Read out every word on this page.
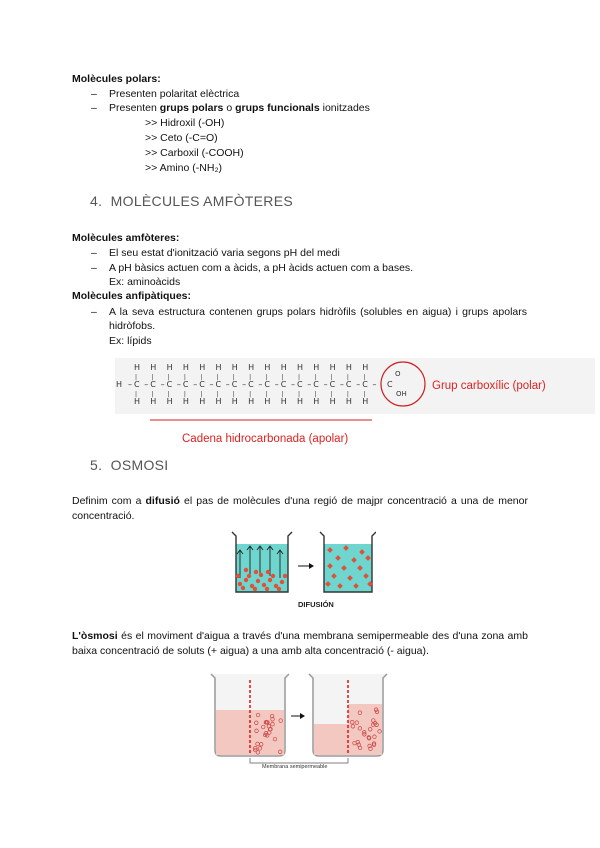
Molècules polars:
– Presenten polaritat elèctrica
– Presenten grups polars o grups funcionals ionitzades
>> Hidroxil (-OH)
>> Ceto (-C=O)
>> Carboxil (-COOH)
>> Amino (-NH₂)
4. MOLÈCULES AMFÒTERES
Molècules amfòteres:
– El seu estat d'ionització varia segons pH del medi
– A pH bàsics actuen com a àcids, a pH àcids actuen com a bases.
Ex: aminoàcids
Molècules anfipàtiques:
– A la seva estructura contenen grups polars hidròfils (solubles en aigua) i grups apolars hidròfobs.
Ex: lípids
H – C
H
|
|
H
– C
H
|
|
H
– C
H
|
|
H
– C
H
|
|
H
– C
H
|
|
H
– C
H
|
|
H
– C
H
|
|
H
– C
H
|
|
H
– C
H
|
|
H
– C
H
|
|
H
– C
H
|
|
H
– C
H
|
|
H
– C
H
|
|
H
– C
H
|
|
H
– C
H
|
|
H
– C
O
OH
Grup carboxílic (polar)
Cadena hidrocarbonada (apolar)
5. OSMOSI
Definim com a difusió el pas de molècules d'una regió de majpr concentració a una de menor concentració.
DIFUSIÓN
L'òsmosi és el moviment d'aigua a través d'una membrana semipermeable des d'una zona amb baixa concentració de soluts (+ aigua) a una amb alta concentració (- aigua).
Membrana semipermeable
